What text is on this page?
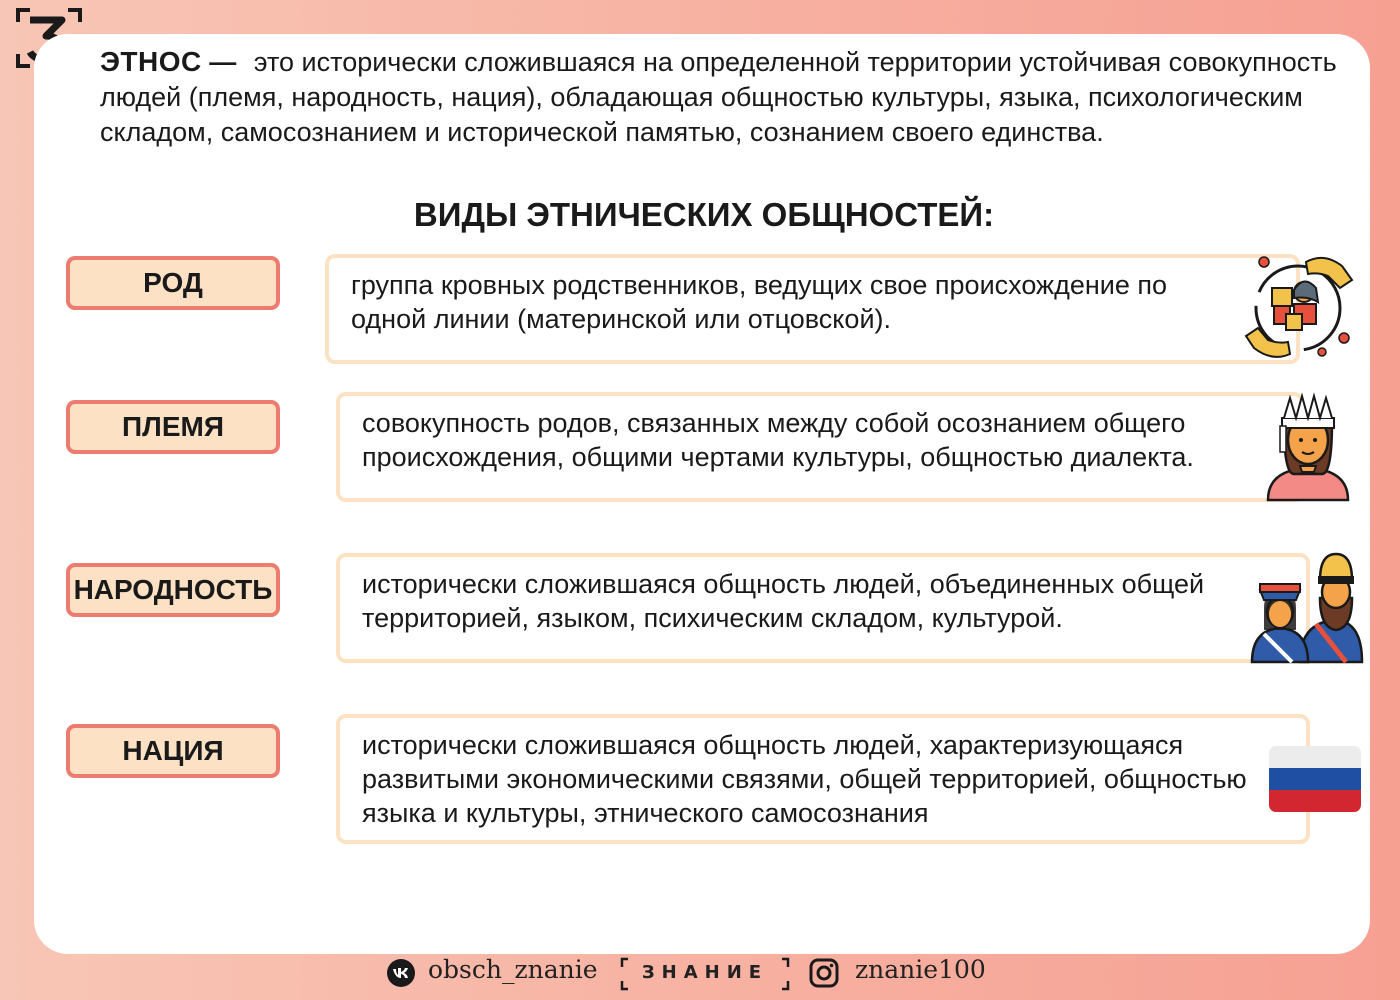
ЭТНОС — это исторически сложившаяся на определенной территории устойчивая совокупность людей (племя, народность, нация), обладающая общностью культуры, языка, психологическим складом, самосознанием и исторической памятью, сознанием своего единства.

ВИДЫ ЭТНИЧЕСКИХ ОБЩНОСТЕЙ:
РОД	группа кровных родственников, ведущих свое происхождение по одной линии (материнской или отцовской).
ПЛЕМЯ	совокупность родов, связанных между собой осознанием общего происхождения, общими чертами культуры, общностью диалекта.
НАРОДНОСТЬ	исторически сложившаяся общность людей, объединенных общей территорией, языком, психическим складом, культурой.
НАЦИЯ	исторически сложившаяся общность людей, характеризующаяся развитыми экономическими связями, общей территорией, общностью языка и культуры, этнического самосознания
obsch_znanie	ЗНАНИЕ	znanie100
